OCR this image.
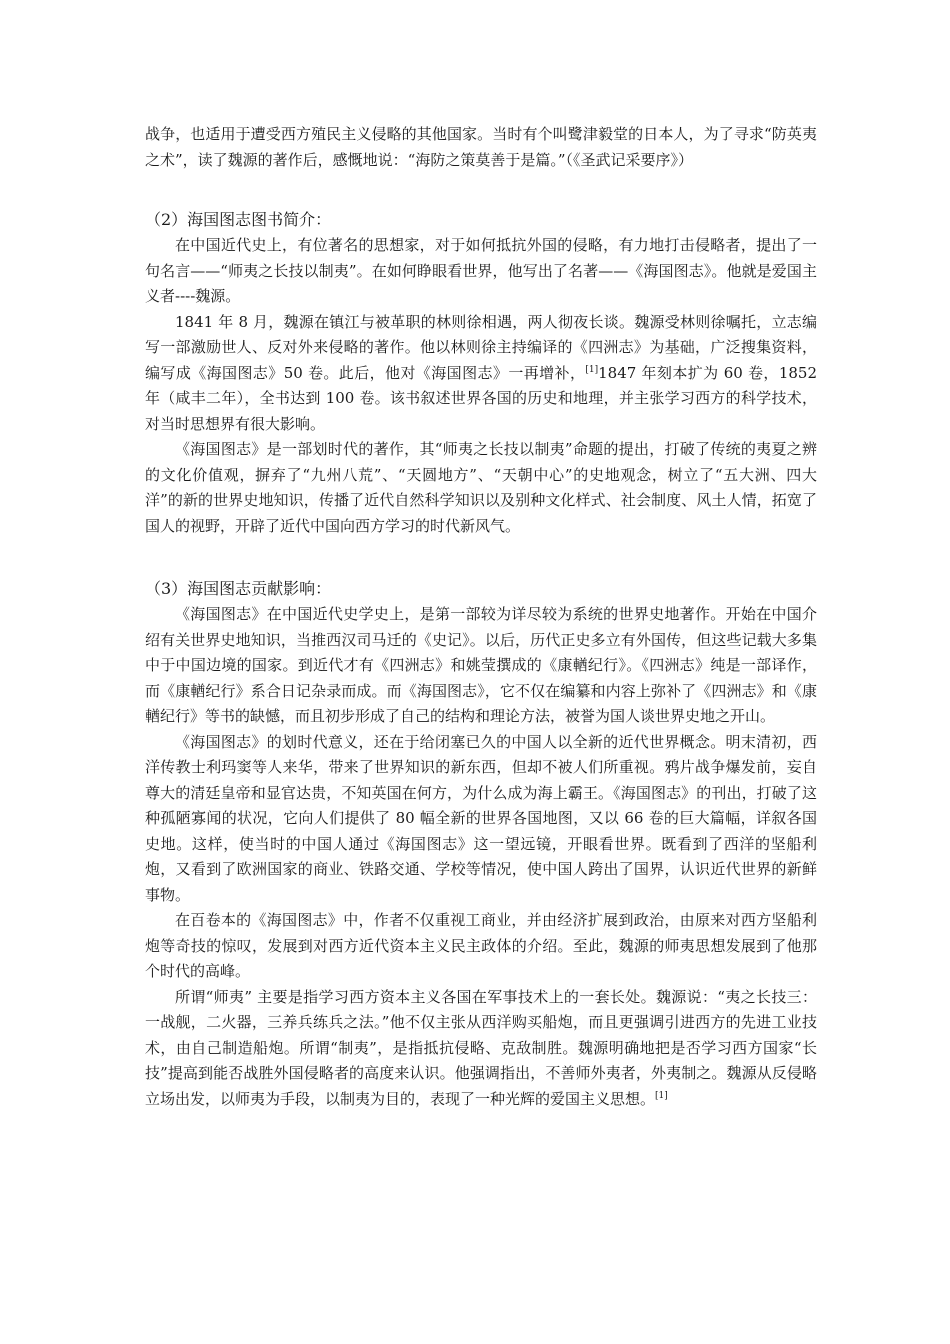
战争，也适用于遭受西方殖民主义侵略的其他国家。当时有个叫鹭津毅堂的日本人，为了寻求“防英夷之术”，读了魏源的著作后，感慨地说：“海防之策莫善于是篇。”（《圣武记采要序》）

（2）海国图志图书简介：

在中国近代史上，有位著名的思想家，对于如何抵抗外国的侵略，有力地打击侵略者，提出了一句名言——“师夷之长技以制夷”。在如何睁眼看世界，他写出了名著——《海国图志》。他就是爱国主义者----魏源。

1841 年 8 月，魏源在镇江与被革职的林则徐相遇，两人彻夜长谈。魏源受林则徐嘱托，立志编写一部激励世人、反对外来侵略的著作。他以林则徐主持编译的《四洲志》为基础，广泛搜集资料，编写成《海国图志》50 卷。此后，他对《海国图志》一再增补，[1]1847 年刻本扩为 60 卷，1852 年（咸丰二年），全书达到 100 卷。该书叙述世界各国的历史和地理，并主张学习西方的科学技术，对当时思想界有很大影响。

《海国图志》是一部划时代的著作，其“师夷之长技以制夷”命题的提出，打破了传统的夷夏之辨的文化价值观，摒弃了“九州八荒”、“天圆地方”、“天朝中心”的史地观念，树立了“五大洲、四大洋”的新的世界史地知识，传播了近代自然科学知识以及别种文化样式、社会制度、风土人情，拓宽了国人的视野，开辟了近代中国向西方学习的时代新风气。

（3）海国图志贡献影响：

《海国图志》在中国近代史学史上，是第一部较为详尽较为系统的世界史地著作。开始在中国介绍有关世界史地知识，当推西汉司马迁的《史记》。以后，历代正史多立有外国传，但这些记载大多集中于中国边境的国家。到近代才有《四洲志》和姚莹撰成的《康輶纪行》。《四洲志》纯是一部译作，而《康輶纪行》系合日记杂录而成。而《海国图志》，它不仅在编纂和内容上弥补了《四洲志》和《康輶纪行》等书的缺憾，而且初步形成了自己的结构和理论方法，被誉为国人谈世界史地之开山。

《海国图志》的划时代意义，还在于给闭塞已久的中国人以全新的近代世界概念。明末清初，西洋传教士利玛窦等人来华，带来了世界知识的新东西，但却不被人们所重视。鸦片战争爆发前，妄自尊大的清廷皇帝和显官达贵，不知英国在何方，为什么成为海上霸王。《海国图志》的刊出，打破了这种孤陋寡闻的状况，它向人们提供了 80 幅全新的世界各国地图，又以 66 卷的巨大篇幅，详叙各国史地。这样，使当时的中国人通过《海国图志》这一望远镜，开眼看世界。既看到了西洋的坚船利炮，又看到了欧洲国家的商业、铁路交通、学校等情况，使中国人跨出了国界，认识近代世界的新鲜事物。

在百卷本的《海国图志》中，作者不仅重视工商业，并由经济扩展到政治，由原来对西方坚船利炮等奇技的惊叹，发展到对西方近代资本主义民主政体的介绍。至此，魏源的师夷思想发展到了他那个时代的高峰。

所谓“师夷” 主要是指学习西方资本主义各国在军事技术上的一套长处。魏源说：“夷之长技三：一战舰，二火器，三养兵练兵之法。”他不仅主张从西洋购买船炮，而且更强调引进西方的先进工业技术，由自己制造船炮。所谓“制夷”，是指抵抗侵略、克敌制胜。魏源明确地把是否学习西方国家“长技”提高到能否战胜外国侵略者的高度来认识。他强调指出，不善师外夷者，外夷制之。魏源从反侵略立场出发，以师夷为手段，以制夷为目的，表现了一种光辉的爱国主义思想。[1]
